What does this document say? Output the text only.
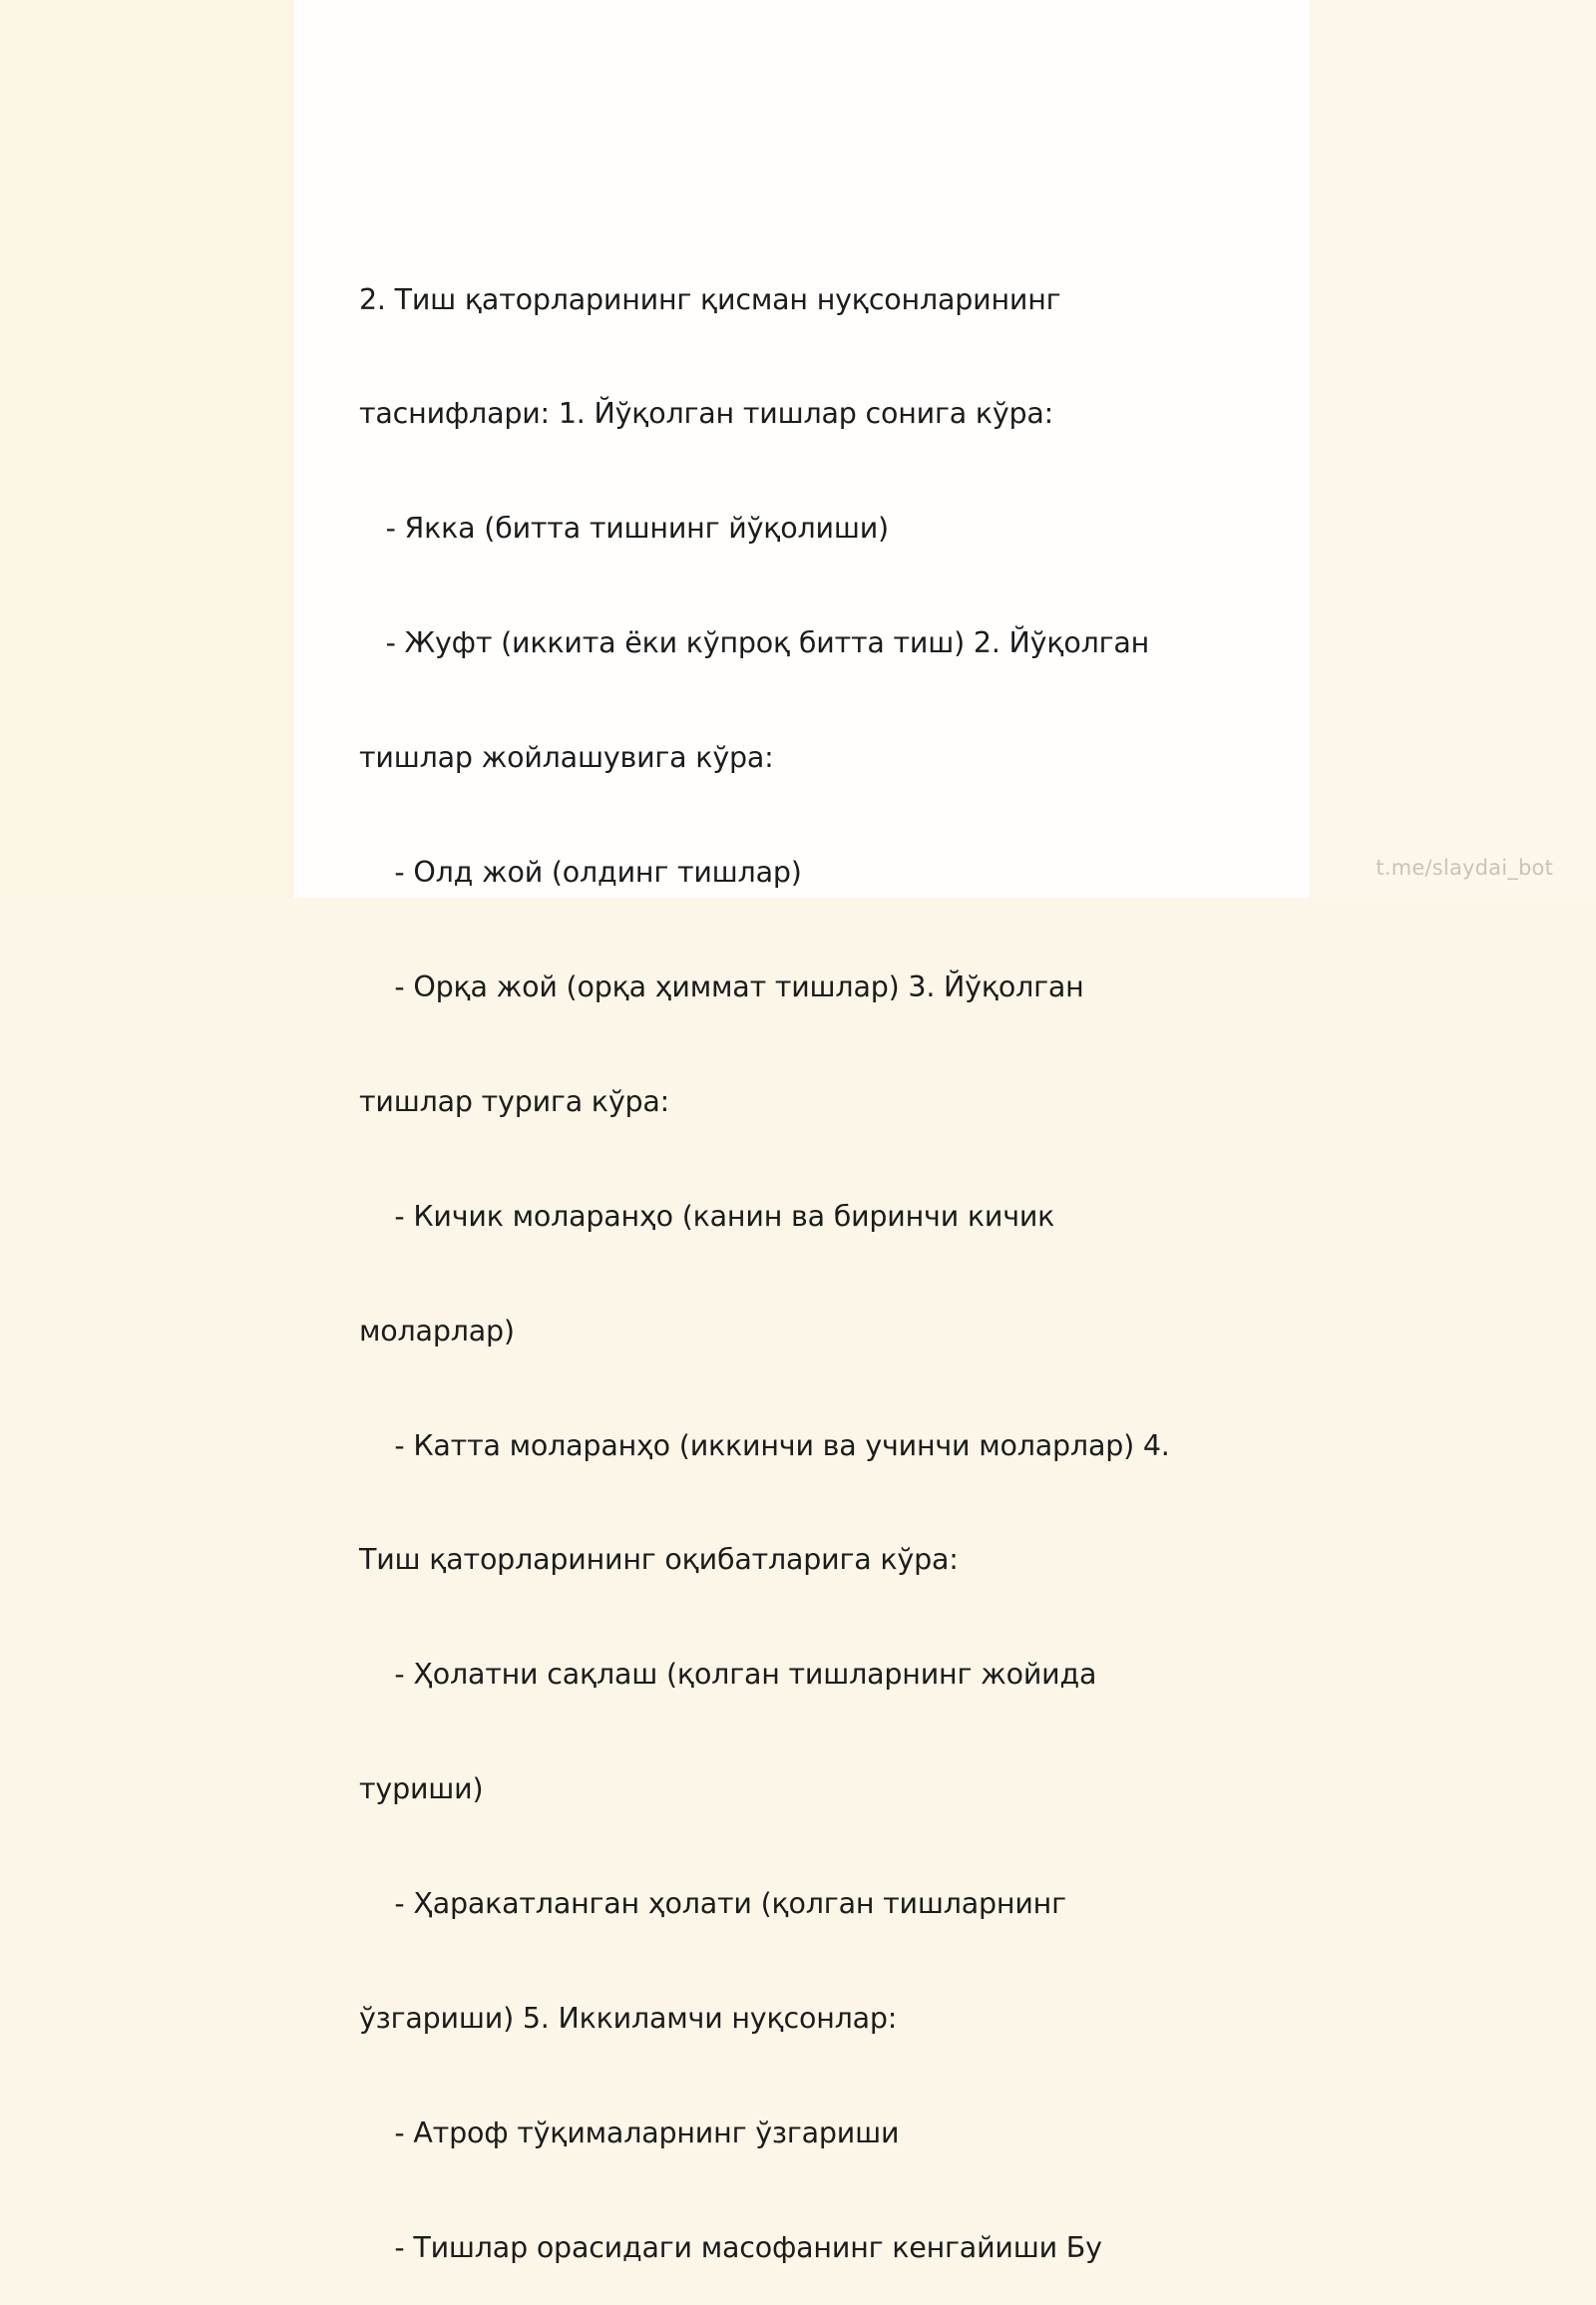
2. Тиш қаторларининг қисман нуқсонларининг

таснифлари: 1. Йўқолган тишлар сонига кўра:

- Якка (битта тишнинг йўқолиши)

- Жуфт (иккита ёки кўпроқ битта тиш) 2. Йўқолган

тишлар жойлашувига кўра:

- Олд жой (олдинг тишлар)

- Орқа жой (орқа ҳиммат тишлар) 3. Йўқолган

тишлар турига кўра:

- Кичик моларанҳо (канин ва биринчи кичик

моларлар)

- Катта моларанҳо (иккинчи ва учинчи моларлар) 4.

Тиш қаторларининг оқибатларига кўра:

- Ҳолатни сақлаш (қолган тишларнинг жойида

туриши)

- Ҳаракатланган ҳолати (қолган тишларнинг

ўзгариши) 5. Иккиламчи нуқсонлар:

- Атроф тўқималарнинг ўзгариши

- Тишлар орасидаги масофанинг кенгайиши Бу

t.me/slaydai_bot
